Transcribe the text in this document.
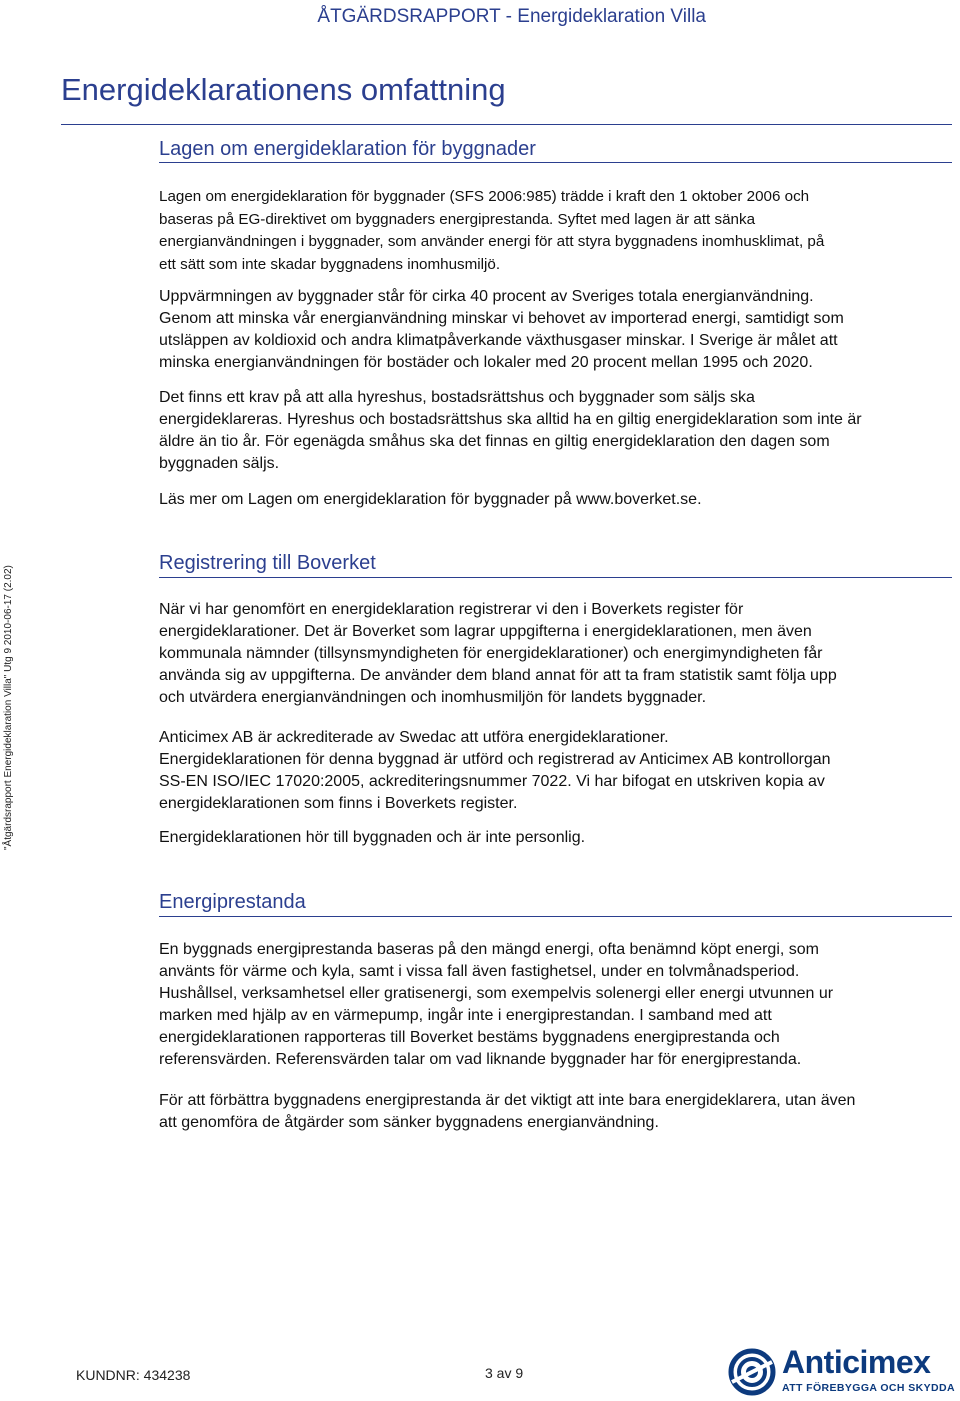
ÅTGÄRDSRAPPORT - Energideklaration Villa
Energideklarationens omfattning
Lagen om energideklaration för byggnader

Lagen om energideklaration för byggnader (SFS 2006:985) trädde i kraft den 1 oktober 2006 och
baseras på EG-direktivet om byggnaders energiprestanda. Syftet med lagen är att sänka
energianvändningen i byggnader, som använder energi för att styra byggnadens inomhusklimat, på
ett sätt som inte skadar byggnadens inomhusmiljö.

Uppvärmningen av byggnader står för cirka 40 procent av Sveriges totala energianvändning.
Genom att minska vår energianvändning minskar vi behovet av importerad energi, samtidigt som
utsläppen av koldioxid och andra klimatpåverkande växthusgaser minskar. I Sverige är målet att
minska energianvändningen för bostäder och lokaler med 20 procent mellan 1995 och 2020.

Det finns ett krav på att alla hyreshus, bostadsrättshus och byggnader som säljs ska
energideklareras. Hyreshus och bostadsrättshus ska alltid ha en giltig energideklaration som inte är
äldre än tio år. För egenägda småhus ska det finnas en giltig energideklaration den dagen som
byggnaden säljs.

Läs mer om Lagen om energideklaration för byggnader på www.boverket.se.

Registrering till Boverket

När vi har genomfört en energideklaration registrerar vi den i Boverkets register för
energideklarationer. Det är Boverket som lagrar uppgifterna i energideklarationen, men även
kommunala nämnder (tillsynsmyndigheten för energideklarationer) och energimyndigheten får
använda sig av uppgifterna. De använder dem bland annat för att ta fram statistik samt följa upp
och utvärdera energianvändningen och inomhusmiljön för landets byggnader.

Anticimex AB är ackrediterade av Swedac att utföra energideklarationer.
Energideklarationen för denna byggnad är utförd och registrerad av Anticimex AB kontrollorgan
SS-EN ISO/IEC 17020:2005, ackrediteringsnummer 7022. Vi har bifogat en utskriven kopia av
energideklarationen som finns i Boverkets register.

Energideklarationen hör till byggnaden och är inte personlig.

Energiprestanda

En byggnads energiprestanda baseras på den mängd energi, ofta benämnd köpt energi, som
använts för värme och kyla, samt i vissa fall även fastighetsel, under en tolvmånadsperiod.
Hushållsel, verksamhetsel eller gratisenergi, som exempelvis solenergi eller energi utvunnen ur
marken med hjälp av en värmepump, ingår inte i energiprestandan. I samband med att
energideklarationen rapporteras till Boverket bestäms byggnadens energiprestanda och
referensvärden. Referensvärden talar om vad liknande byggnader har för energiprestanda.

För att förbättra byggnadens energiprestanda är det viktigt att inte bara energideklarera, utan även
att genomföra de åtgärder som sänker byggnadens energianvändning.

"Åtgärdsrapport Energideklaration Villa" Utg 9 2010-06-17 (2.02)
KUNDNR: 434238	3 av 9	Anticimex
ATT FÖREBYGGA OCH SKYDDA
